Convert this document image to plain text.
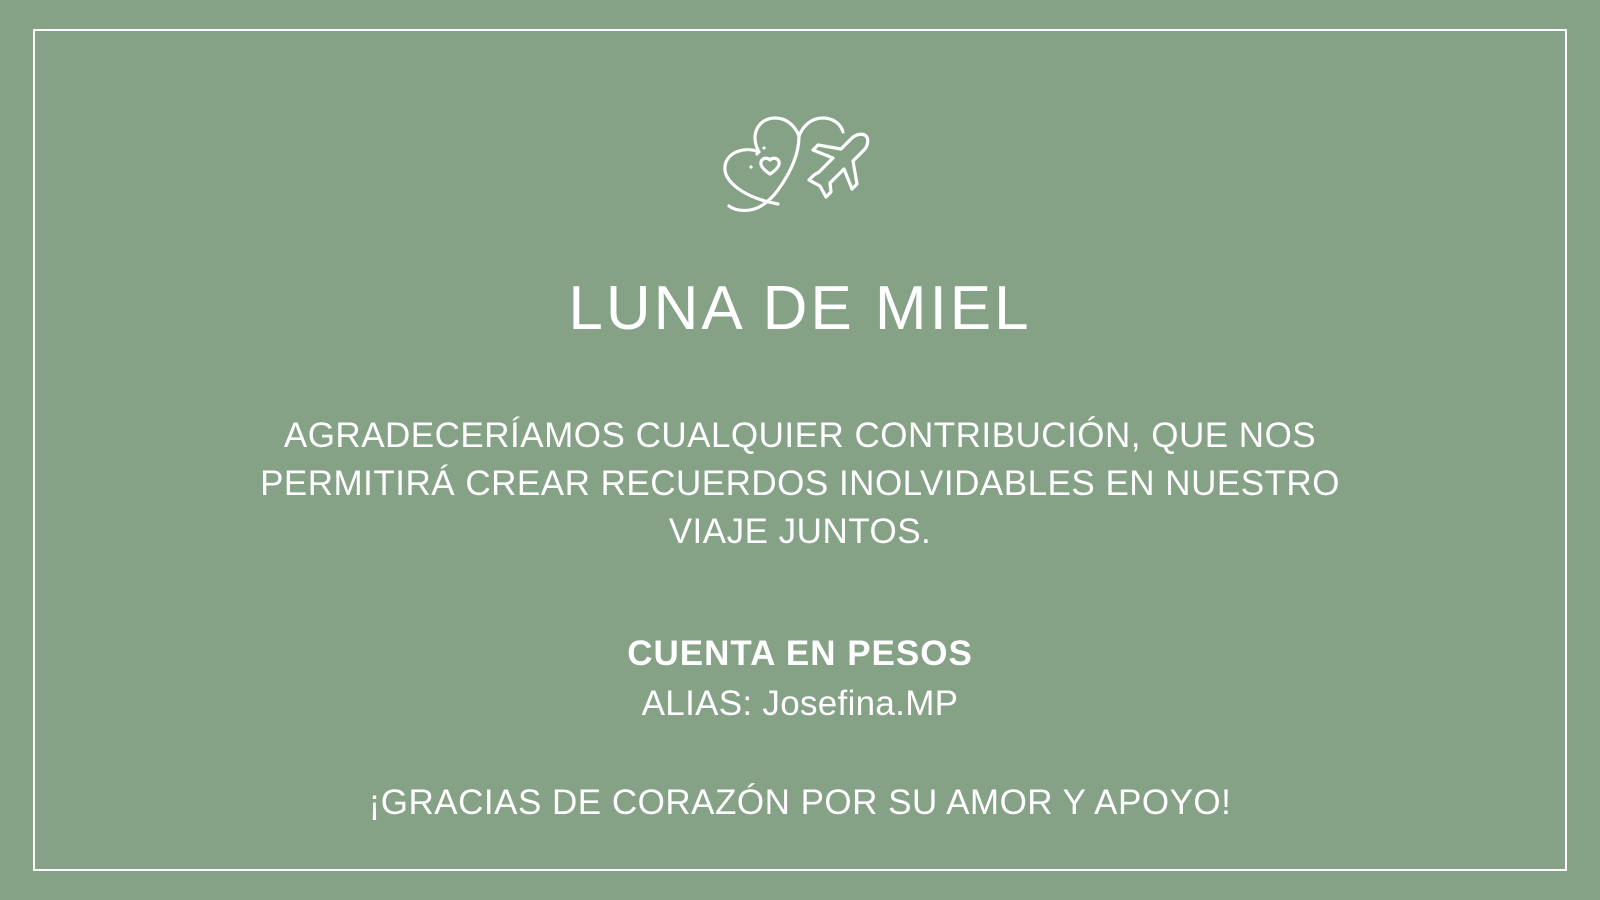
LUNA DE MIEL

AGRADECERÍAMOS CUALQUIER CONTRIBUCIÓN, QUE NOS PERMITIRÁ CREAR RECUERDOS INOLVIDABLES EN NUESTRO VIAJE JUNTOS.

CUENTA EN PESOS
ALIAS: Josefina.MP

¡GRACIAS DE CORAZÓN POR SU AMOR Y APOYO!
